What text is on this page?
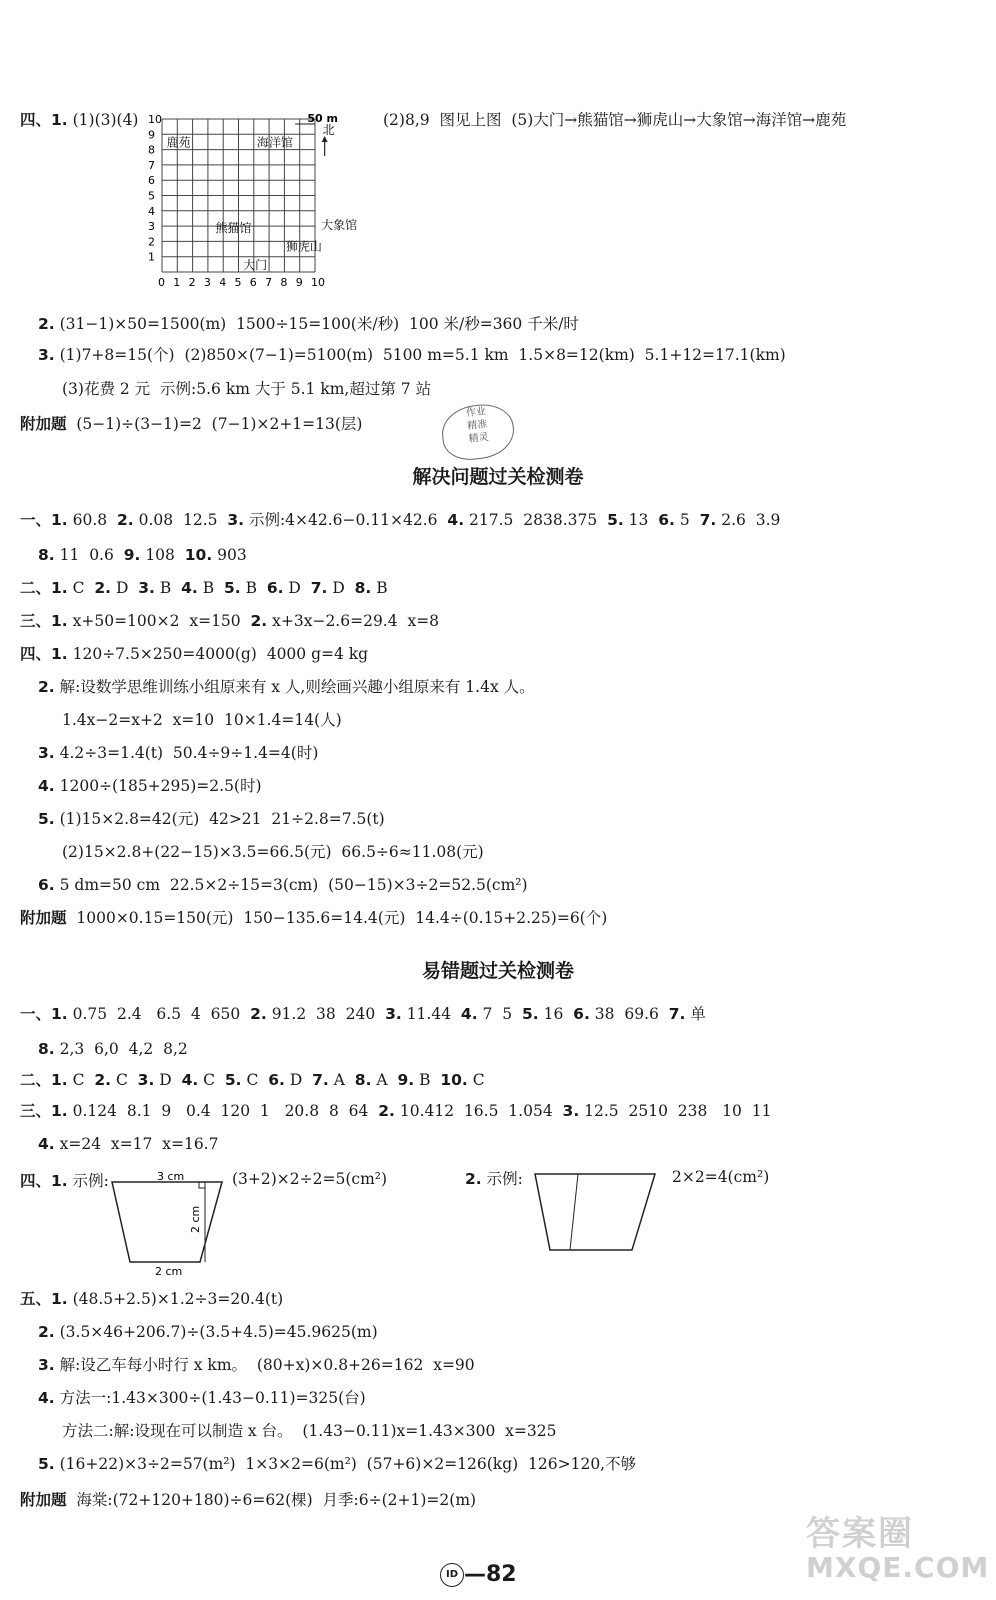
四、1. (1)(3)(4)	(2)8,9  图见上图  (5)大门→熊猫馆→狮虎山→大象馆→海洋馆→鹿苑
2. (31−1)×50=1500(m)  1500÷15=100(米/秒)  100 米/秒=360 千米/时
3. (1)7+8=15(个)  (2)850×(7−1)=5100(m)  5100 m=5.1 km  1.5×8=12(km)  5.1+12=17.1(km)
(3)花费 2 元  示例:5.6 km 大于 5.1 km,超过第 7 站
附加题  (5−1)÷(3−1)=2  (7−1)×2+1=13(层)
一、1. 60.8  2. 0.08  12.5  3. 示例:4×42.6−0.11×42.6  4. 217.5  2838.375  5. 13  6. 5  7. 2.6  3.9
8. 11  0.6  9. 108  10. 903
二、1. C  2. D  3. B  4. B  5. B  6. D  7. D  8. B
三、1. x+50=100×2  x=150  2. x+3x−2.6=29.4  x=8
四、1. 120÷7.5×250=4000(g)  4000 g=4 kg
2. 解:设数学思维训练小组原来有 x 人,则绘画兴趣小组原来有 1.4x 人。
1.4x−2=x+2  x=10  10×1.4=14(人)
3. 4.2÷3=1.4(t)  50.4÷9÷1.4=4(时)
4. 1200÷(185+295)=2.5(时)
5. (1)15×2.8=42(元)  42>21  21÷2.8=7.5(t)
(2)15×2.8+(22−15)×3.5=66.5(元)  66.5÷6≈11.08(元)
6. 5 dm=50 cm  22.5×2÷15=3(cm)  (50−15)×3÷2=52.5(cm²)
附加题  1000×0.15=150(元)  150−135.6=14.4(元)  14.4÷(0.15+2.25)=6(个)
一、1. 0.75  2.4   6.5  4  650  2. 91.2  38  240  3. 11.44  4. 7  5  5. 16  6. 38  69.6  7. 单
8. 2,3  6,0  4,2  8,2
二、1. C  2. C  3. D  4. C  5. C  6. D  7. A  8. A  9. B  10. C
三、1. 0.124  8.1  9   0.4  120  1   20.8  8  64  2. 10.412  16.5  1.054  3. 12.5  2510  238   10  11
4. x=24  x=17  x=16.7
四、1. 示例:	(3+2)×2÷2=5(cm²)	2. 示例:	2×2=4(cm²)
五、1. (48.5+2.5)×1.2÷3=20.4(t)
2. (3.5×46+206.7)÷(3.5+4.5)=45.9625(m)
3. 解:设乙车每小时行 x km。  (80+x)×0.8+26=162  x=90
4. 方法一:1.43×300÷(1.43−0.11)=325(台)
方法二:解:设现在可以制造 x 台。  (1.43−0.11)x=1.43×300  x=325
5. (16+22)×3÷2=57(m²)  1×3×2=6(m²)  (57+6)×2=126(kg)  126>120,不够
附加题  海棠:(72+120+180)÷6=62(棵)  月季:6÷(2+1)=2(m)
解决问题过关检测卷
易错题过关检测卷
0 1 2 3 4 5 6 7 8 9 10
1
2
3
4
5
6
7
8
9
10
鹿苑	海洋馆
熊猫馆	大象馆
狮虎山
大门
50 m
北
作业
精准
精灵
3 cm
2 cm
2 cm
ID —82
答案圈
MXQE.COM
